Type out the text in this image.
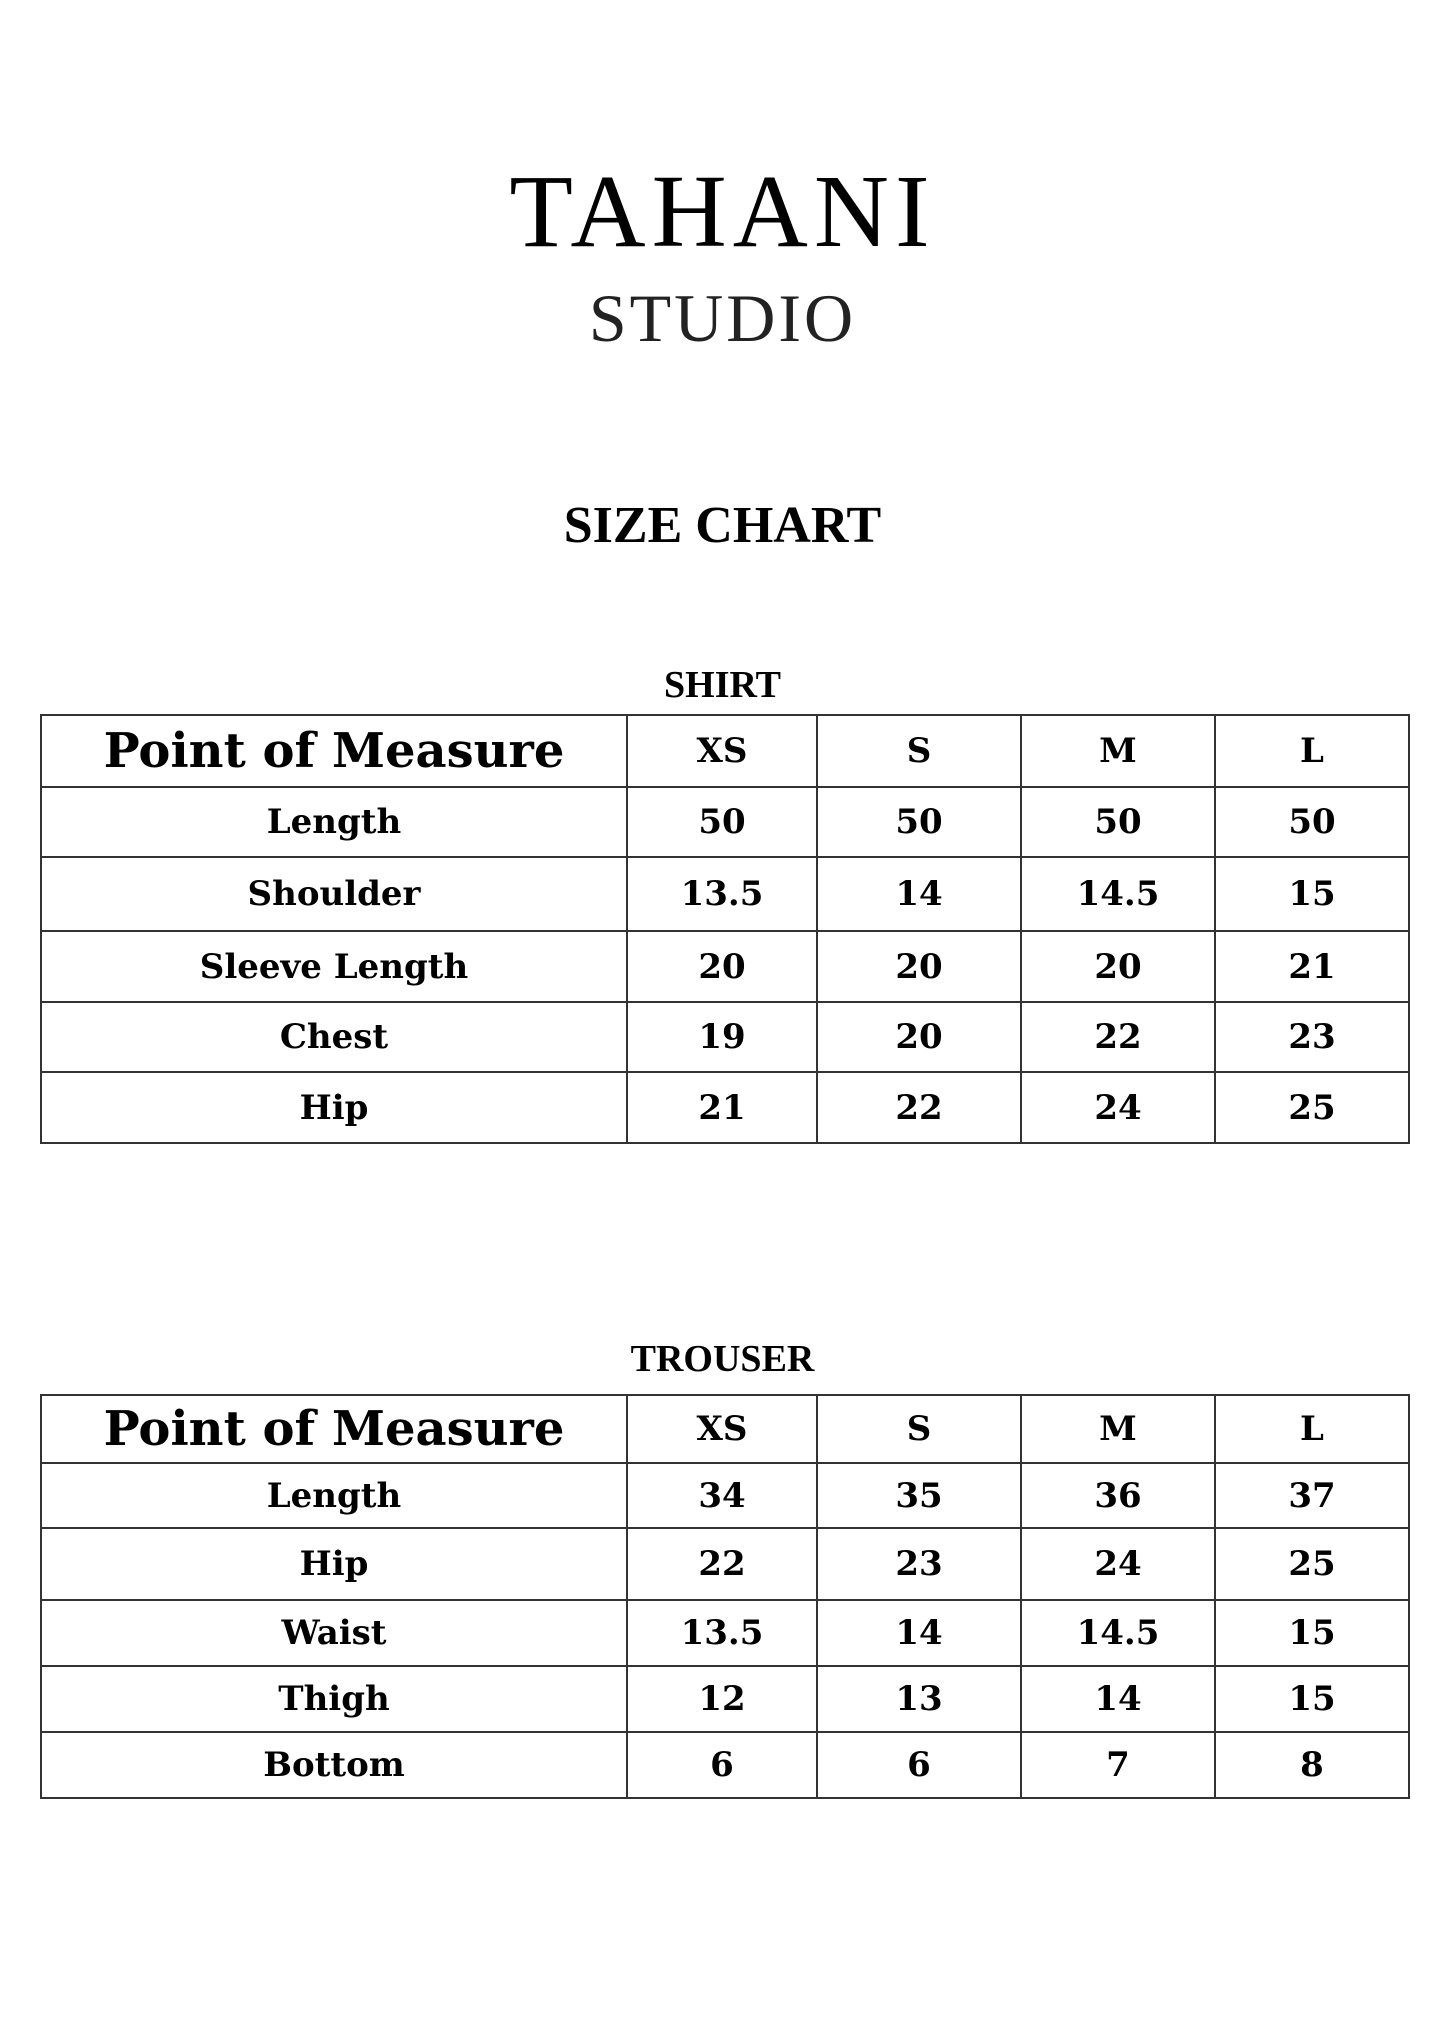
TAHANI
STUDIO
SIZE CHART
SHIRT
Point of Measure	XS	S	M	L
Length	50	50	50	50
Shoulder	13.5	14	14.5	15
Sleeve Length	20	20	20	21
Chest	19	20	22	23
Hip	21	22	24	25
TROUSER
Point of Measure	XS	S	M	L
Length	34	35	36	37
Hip	22	23	24	25
Waist	13.5	14	14.5	15
Thigh	12	13	14	15
Bottom	6	6	7	8
